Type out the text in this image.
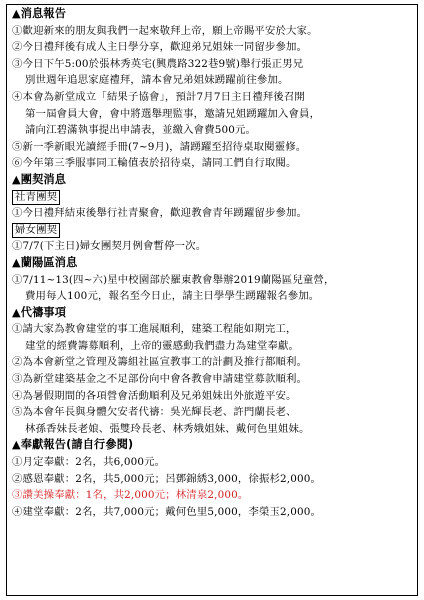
▲消息報告
①歡迎新來的朋友與我們一起來敬拜上帝，願上帝賜平安於大家。
②今日禮拜後有成人主日學分享，歡迎弟兄姐妹一同留步參加。
③今日下午5:00於張林秀英宅(興農路322巷9號)舉行張正男兄
別世週年追思家庭禮拜，請本會兄弟姐妹踴躍前往參加。
④本會為新堂成立「結果子協會」，預計7月7日主日禮拜後召開
第一屆會員大會，會中將選舉理監事，邀請兄姐踴躍加入會員，
請向江碧滿執事提出申請表，並繳入會費500元。
⑤新一季新眼光讀經手冊(7~9月)，請踴躍至招待桌取閱靈修。
⑥今年第三季服事同工輪值表於招待桌，請同工們自行取閱。
▲團契消息
社青團契
①今日禮拜結束後舉行社青聚會，歡迎教會青年踴躍留步參加。
婦女團契
①7/7(下主日)婦女團契月例會暫停一次。
▲蘭陽區消息
①7/11~13(四~六)星中校園部於羅東教會舉辦2019蘭陽區兒童營，
費用每人100元，報名至今日止，請主日學學生踴躍報名參加。
▲代禱事項
①請大家為教會建堂的事工進展順利，建築工程能如期完工，
建堂的經費籌募順利，上帝的靈感動我們盡力為建堂奉獻。
②為本會新堂之管理及籌組社區宣教事工的計劃及推行都順利。
③為新堂建築基金之不足部份向中會各教會申請建堂募款順利。
④為暑假期間的各項營會活動順利及兄弟姐妹出外旅遊平安。
⑤為本會年長與身體欠安者代禱：吳光輝長老、許門蘭長老、
林孫香妹長老娘、張雙玲長老、林秀娥姐妹、戴何色里姐妹。
▲奉獻報告(請自行參閱)
①月定奉獻：2名，共6,000元。
②感恩奉獻：2名，共5,000元；呂鄧錦綉3,000，徐振杉2,000。
③讚美操奉獻：1名，共2,000元；林清泉2,000。
④建堂奉獻：2名，共7,000元；戴何色里5,000，李榮玉2,000。
